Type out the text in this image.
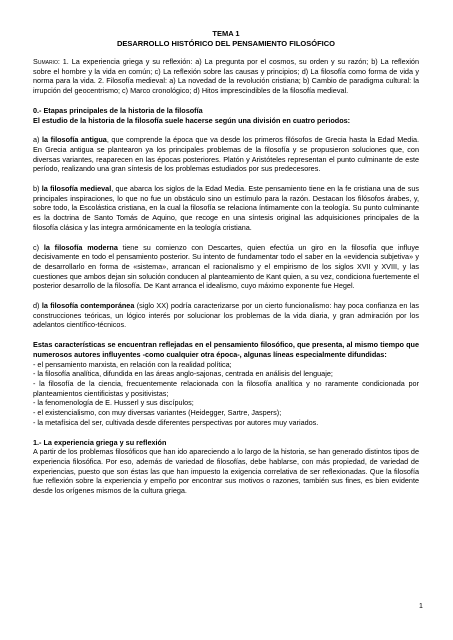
TEMA 1

DESARROLLO HISTÓRICO DEL PENSAMIENTO FILOSÓFICO

Sumario: 1. La experiencia griega y su reflexión: a) La pregunta por el cosmos, su orden y su razón; b) La reflexión sobre el hombre y la vida en común; c) La reflexión sobre las causas y principios; d) La filosofía como forma de vida y norma para la vida. 2. Filosofía medieval: a) La novedad de la revolución cristiana; b) Cambio de paradigma cultural: la irrupción del geocentrismo; c) Marco cronológico; d) Hitos imprescindibles de la filosofía medieval.

0.- Etapas principales de la historia de la filosofía

El estudio de la historia de la filosofía suele hacerse según una división en cuatro periodos:

a) la filosofía antigua, que comprende la época que va desde los primeros filósofos de Grecia hasta la Edad Media. En Grecia antigua se plantearon ya los principales problemas de la filosofía y se propusieron soluciones que, con diversas variantes, reaparecen en las épocas posteriores. Platón y Aristóteles representan el punto culminante de este período, realizando una gran síntesis de los problemas estudiados por sus predecesores.

b) la filosofía medieval, que abarca los siglos de la Edad Media. Este pensamiento tiene en la fe cristiana una de sus principales inspiraciones, lo que no fue un obstáculo sino un estímulo para la razón. Destacan los filósofos árabes, y, sobre todo, la Escolástica cristiana, en la cual la filosofía se relaciona íntimamente con la teología. Su punto culminante es la doctrina de Santo Tomás de Aquino, que recoge en una síntesis original las adquisiciones principales de la filosofía clásica y las integra armónicamente en la teología cristiana.

c) la filosofía moderna tiene su comienzo con Descartes, quien efectúa un giro en la filosofía que influye decisivamente en todo el pensamiento posterior. Su intento de fundamentar todo el saber en la «evidencia subjetiva» y de desarrollarlo en forma de «sistema», arrancan el racionalismo y el empirismo de los siglos XVII y XVIII, y las cuestiones que ambos dejan sin solución conducen al planteamiento de Kant quien, a su vez, condiciona fuertemente el posterior desarrollo de la filosofía. De Kant arranca el idealismo, cuyo máximo exponente fue Hegel.

d) la filosofía contemporánea (siglo XX) podría caracterizarse por un cierto funcionalismo: hay poca confianza en las construcciones teóricas, un lógico interés por solucionar los problemas de la vida diaria, y gran admiración por los adelantos científico-técnicos.

Estas características se encuentran reflejadas en el pensamiento filosófico, que presenta, al mismo tiempo que numerosos autores influyentes -como cualquier otra época-, algunas líneas especialmente difundidas:

- el pensamiento marxista, en relación con la realidad política;
- la filosofía analítica, difundida en las áreas anglo-sajonas, centrada en análisis del lenguaje;
- la filosofía de la ciencia, frecuentemente relacionada con la filosofía analítica y no raramente condicionada por planteamientos cientificistas y positivistas;
- la fenomenología de E. Husserl y sus discípulos;
- el existencialismo, con muy diversas variantes (Heidegger, Sartre, Jaspers);
- la metafísica del ser, cultivada desde diferentes perspectivas por autores muy variados.

1.- La experiencia griega y su reflexión

A partir de los problemas filosóficos que han ido apareciendo a lo largo de la historia, se han generado distintos tipos de experiencia filosófica. Por eso, además de variedad de filosofías, debe hablarse, con más propiedad, de variedad de experiencias, puesto que son éstas las que han impuesto la exigencia correlativa de ser reflexionadas. Que la filosofía fue reflexión sobre la experiencia y empeño por encontrar sus motivos o razones, también sus fines, es bien evidente desde los orígenes mismos de la cultura griega.

1
